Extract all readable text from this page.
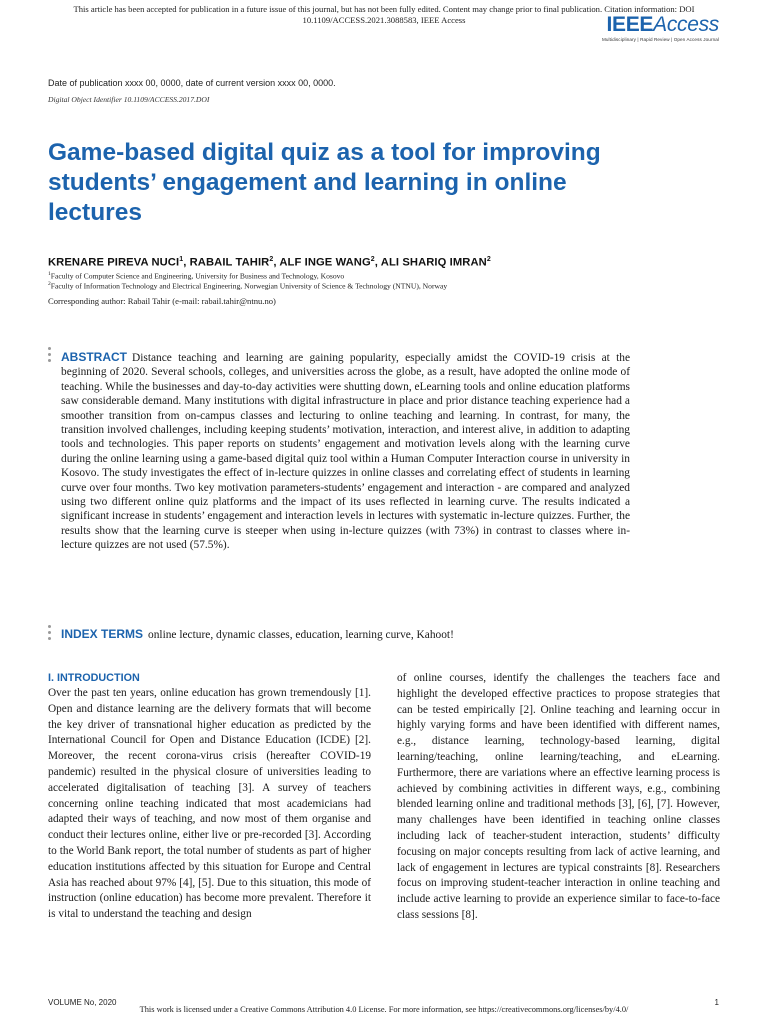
This article has been accepted for publication in a future issue of this journal, but has not been fully edited. Content may change prior to final publication. Citation information: DOI
10.1109/ACCESS.2021.3088583, IEEE Access	IEEEAccess
Multidisciplinary | Rapid Review | Open Access Journal
Date of publication xxxx 00, 0000, date of current version xxxx 00, 0000.
Digital Object Identifier 10.1109/ACCESS.2017.DOI
Game-based digital quiz as a tool for improving students’ engagement and learning in online lectures
KRENARE PIREVA NUCI$^1$, RABAIL TAHIR$^2$, ALF INGE WANG$^2$, ALI SHARIQ IMRAN$^2$
$^1$Faculty of Computer Science and Engineering, University for Business and Technology, Kosovo
$^2$Faculty of Information Technology and Electrical Engineering, Norwegian University of Science & Technology (NTNU), Norway
Corresponding author: Rabail Tahir (e-mail: rabail.tahir@ntnu.no)

ABSTRACT Distance teaching and learning are gaining popularity, especially amidst the COVID-19 crisis at the beginning of 2020. Several schools, colleges, and universities across the globe, as a result, have adopted the online mode of teaching. While the businesses and day-to-day activities were shutting down, eLearning tools and online education platforms saw considerable demand. Many institutions with digital infrastructure in place and prior distance teaching experience had a smoother transition from on-campus classes and lecturing to online teaching and learning. In contrast, for many, the transition involved challenges, including keeping students’ motivation, interaction, and interest alive, in addition to adapting tools and technologies. This paper reports on students’ engagement and motivation levels along with the learning curve during the online learning using a game-based digital quiz tool within a Human Computer Interaction course in university in Kosovo. The study investigates the effect of in-lecture quizzes in online classes and correlating effect of students in learning curve over four months. Two key motivation parameters-students’ engagement and interaction - are compared and analyzed using two different online quiz platforms and the impact of its uses reflected in learning curve. The results indicated a significant increase in students’ engagement and interaction levels in lectures with systematic in-lecture quizzes. Further, the results show that the learning curve is steeper when using in-lecture quizzes (with 73%) in contrast to classes where in-lecture quizzes are not used (57.5%).

INDEX TERMS online lecture, dynamic classes, education, learning curve, Kahoot!

I. INTRODUCTION

Over the past ten years, online education has grown tremendously [1]. Open and distance learning are the delivery formats that will become the key driver of transnational higher education as predicted by the International Council for Open and Distance Education (ICDE) [2]. Moreover, the recent corona-virus crisis (hereafter COVID-19 pandemic) resulted in the physical closure of universities leading to accelerated digitalisation of teaching [3]. A survey of teachers concerning online teaching indicated that most academicians had adapted their ways of teaching, and now most of them organise and conduct their lectures online, either live or pre-recorded [3]. According to the World Bank report, the total number of students as part of higher education institutions affected by this situation for Europe and Central Asia has reached about 97% [4], [5]. Due to this situation, this mode of instruction (online education) has become more prevalent. Therefore it is vital to understand the teaching and design

of online courses, identify the challenges the teachers face and highlight the developed effective practices to propose strategies that can be tested empirically [2]. Online teaching and learning occur in highly varying forms and have been identified with different names, e.g., distance learning, technology-based learning, digital learning/teaching, online learning/teaching, and eLearning. Furthermore, there are variations where an effective learning process is achieved by combining activities in different ways, e.g., combining blended learning online and traditional methods [3], [6], [7]. However, many challenges have been identified in teaching online classes including lack of teacher-student interaction, students’ difficulty focusing on major concepts resulting from lack of active learning, and lack of engagement in lectures are typical constraints [8]. Researchers focus on improving student-teacher interaction in online teaching and include active learning to provide an experience similar to face-to-face class sessions [8].

VOLUME No, 2020	1
This work is licensed under a Creative Commons Attribution 4.0 License. For more information, see https://creativecommons.org/licenses/by/4.0/
